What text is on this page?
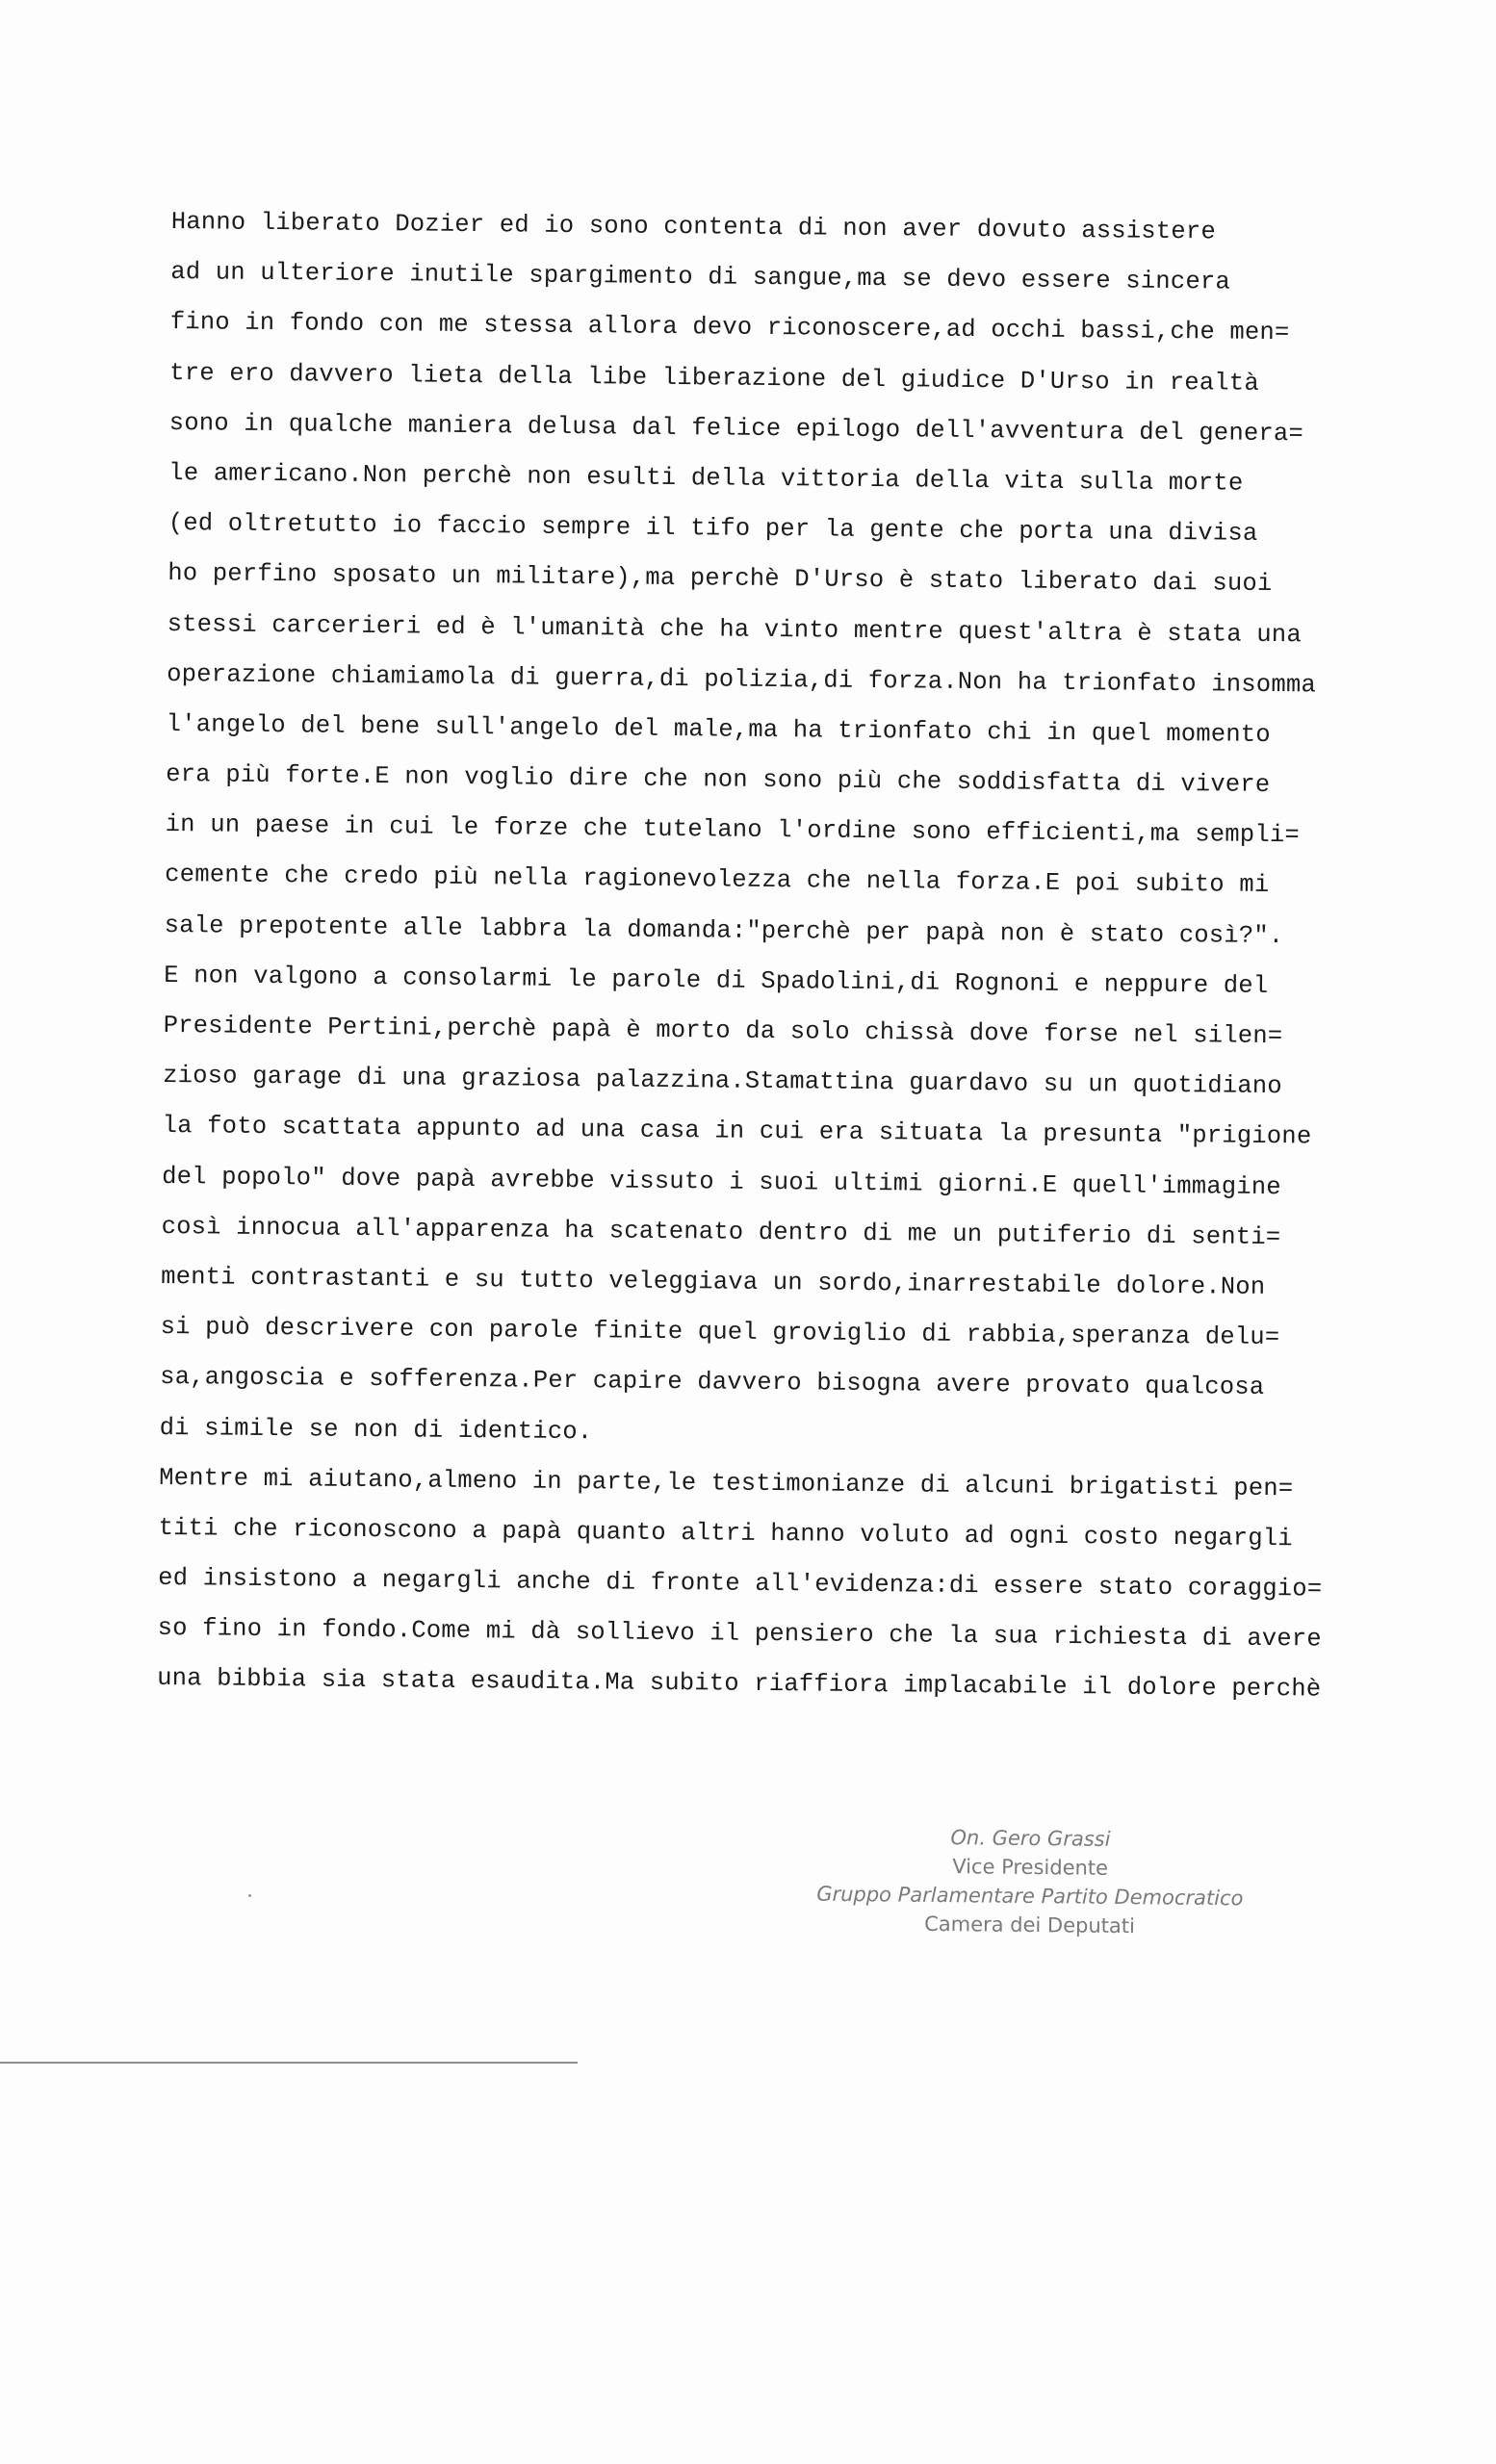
Hanno liberato Dozier ed io sono contenta di non aver dovuto assistere
ad un ulteriore inutile spargimento di sangue,ma se devo essere sincera
fino in fondo con me stessa allora devo riconoscere,ad occhi bassi,che men=
tre ero davvero lieta della libe liberazione del giudice D'Urso in realtà
sono in qualche maniera delusa dal felice epilogo dell'avventura del genera=
le americano.Non perchè non esulti della vittoria della vita sulla morte
(ed oltretutto io faccio sempre il tifo per la gente che porta una divisa
ho perfino sposato un militare),ma perchè D'Urso è stato liberato dai suoi
stessi carcerieri ed è l'umanità che ha vinto mentre quest'altra è stata una
operazione chiamiamola di guerra,di polizia,di forza.Non ha trionfato insomma
l'angelo del bene sull'angelo del male,ma ha trionfato chi in quel momento
era più forte.E non voglio dire che non sono più che soddisfatta di vivere
in un paese in cui le forze che tutelano l'ordine sono efficienti,ma sempli=
cemente che credo più nella ragionevolezza che nella forza.E poi subito mi
sale prepotente alle labbra la domanda:"perchè per papà non è stato così?".
E non valgono a consolarmi le parole di Spadolini,di Rognoni e neppure del
Presidente Pertini,perchè papà è morto da solo chissà dove forse nel silen=
zioso garage di una graziosa palazzina.Stamattina guardavo su un quotidiano
la foto scattata appunto ad una casa in cui era situata la presunta "prigione
del popolo" dove papà avrebbe vissuto i suoi ultimi giorni.E quell'immagine
così innocua all'apparenza ha scatenato dentro di me un putiferio di senti=
menti contrastanti e su tutto veleggiava un sordo,inarrestabile dolore.Non
si può descrivere con parole finite quel groviglio di rabbia,speranza delu=
sa,angoscia e sofferenza.Per capire davvero bisogna avere provato qualcosa
di simile se non di identico.
Mentre mi aiutano,almeno in parte,le testimonianze di alcuni brigatisti pen=
titi che riconoscono a papà quanto altri hanno voluto ad ogni costo negargli
ed insistono a negargli anche di fronte all'evidenza:di essere stato coraggio=
so fino in fondo.Come mi dà sollievo il pensiero che la sua richiesta di avere
una bibbia sia stata esaudita.Ma subito riaffiora implacabile il dolore perchè
On. Gero Grassi
Vice Presidente
Gruppo Parlamentare Partito Democratico
Camera dei Deputati
